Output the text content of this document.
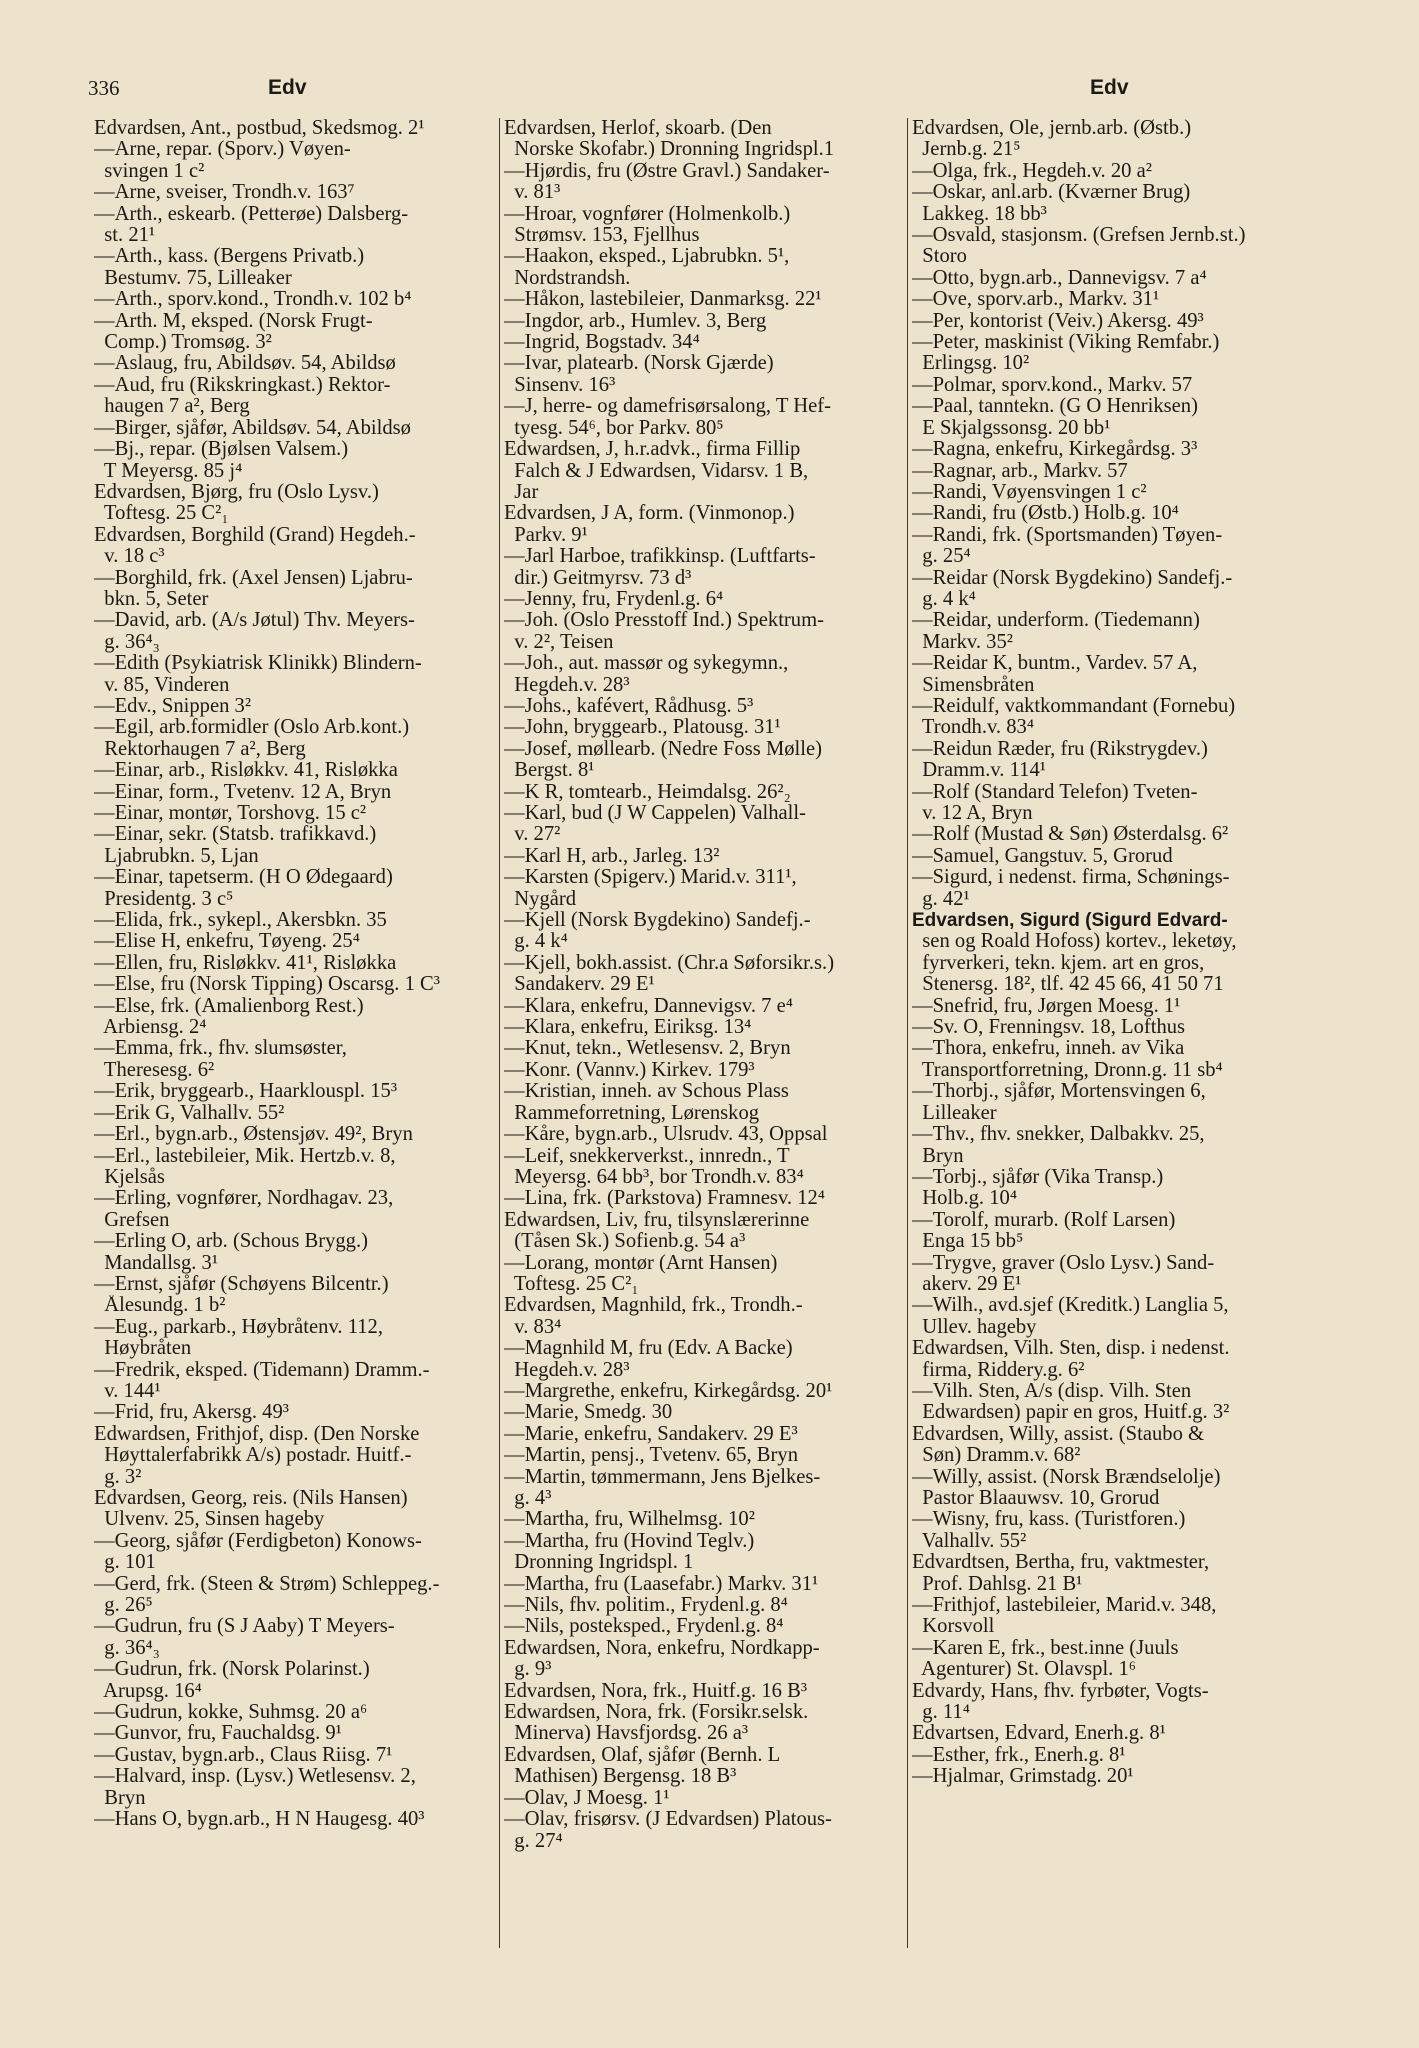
336	Edv	Edv
Edvardsen, Ant., postbud, Skedsmog. 2¹
—Arne, repar. (Sporv.) Vøyen-
svingen 1 c²
—Arne, sveiser, Trondh.v. 163⁷
—Arth., eskearb. (Petterøe) Dalsberg-
st. 21¹
—Arth., kass. (Bergens Privatb.)
Bestumv. 75, Lilleaker
—Arth., sporv.kond., Trondh.v. 102 b⁴
—Arth. M, eksped. (Norsk Frugt-
Comp.) Tromsøg. 3²
—Aslaug, fru, Abildsøv. 54, Abildsø
—Aud, fru (Rikskringkast.) Rektor-
haugen 7 a², Berg
—Birger, sjåfør, Abildsøv. 54, Abildsø
—Bj., repar. (Bjølsen Valsem.)
T Meyersg. 85 j⁴
Edvardsen, Bjørg, fru (Oslo Lysv.)
Toftesg. 25 C²₁
Edvardsen, Borghild (Grand) Hegdeh.-
v. 18 c³
—Borghild, frk. (Axel Jensen) Ljabru-
bkn. 5, Seter
—David, arb. (A/s Jøtul) Thv. Meyers-
g. 36⁴₃
—Edith (Psykiatrisk Klinikk) Blindern-
v. 85, Vinderen
—Edv., Snippen 3²
—Egil, arb.formidler (Oslo Arb.kont.)
Rektorhaugen 7 a², Berg
—Einar, arb., Risløkkv. 41, Risløkka
—Einar, form., Tvetenv. 12 A, Bryn
—Einar, montør, Torshovg. 15 c²
—Einar, sekr. (Statsb. trafikkavd.)
Ljabrubkn. 5, Ljan
—Einar, tapetserm. (H O Ødegaard)
Presidentg. 3 c⁵
—Elida, frk., sykepl., Akersbkn. 35
—Elise H, enkefru, Tøyeng. 25⁴
—Ellen, fru, Risløkkv. 41¹, Risløkka
—Else, fru (Norsk Tipping) Oscarsg. 1 C³
—Else, frk. (Amalienborg Rest.)
Arbiensg. 2⁴
—Emma, frk., fhv. slumsøster,
Theresesg. 6²
—Erik, bryggearb., Haarklouspl. 15³
—Erik G, Valhallv. 55²
—Erl., bygn.arb., Østensjøv. 49², Bryn
—Erl., lastebileier, Mik. Hertzb.v. 8,
Kjelsås
—Erling, vognfører, Nordhagav. 23,
Grefsen
—Erling O, arb. (Schous Brygg.)
Mandallsg. 3¹
—Ernst, sjåfør (Schøyens Bilcentr.)
Ålesundg. 1 b²
—Eug., parkarb., Høybråtenv. 112,
Høybråten
—Fredrik, eksped. (Tidemann) Dramm.-
v. 144¹
—Frid, fru, Akersg. 49³
Edwardsen, Frithjof, disp. (Den Norske
Høyttalerfabrikk A/s) postadr. Huitf.-
g. 3²
Edvardsen, Georg, reis. (Nils Hansen)
Ulvenv. 25, Sinsen hageby
—Georg, sjåfør (Ferdigbeton) Konows-
g. 101
—Gerd, frk. (Steen & Strøm) Schleppeg.-
g. 26⁵
—Gudrun, fru (S J Aaby) T Meyers-
g. 36⁴₃
—Gudrun, frk. (Norsk Polarinst.)
Arupsg. 16⁴
—Gudrun, kokke, Suhmsg. 20 a⁶
—Gunvor, fru, Fauchaldsg. 9¹
—Gustav, bygn.arb., Claus Riisg. 7¹
—Halvard, insp. (Lysv.) Wetlesensv. 2,
Bryn
—Hans O, bygn.arb., H N Haugesg. 40³
Edvardsen, Herlof, skoarb. (Den
Norske Skofabr.) Dronning Ingridspl.1
—Hjørdis, fru (Østre Gravl.) Sandaker-
v. 81³
—Hroar, vognfører (Holmenkolb.)
Strømsv. 153, Fjellhus
—Haakon, eksped., Ljabrubkn. 5¹,
Nordstrandsh.
—Håkon, lastebileier, Danmarksg. 22¹
—Ingdor, arb., Humlev. 3, Berg
—Ingrid, Bogstadv. 34⁴
—Ivar, platearb. (Norsk Gjærde)
Sinsenv. 16³
—J, herre- og damefrisørsalong, T Hef-
tyesg. 54⁶, bor Parkv. 80⁵
Edwardsen, J, h.r.advk., firma Fillip
Falch & J Edwardsen, Vidarsv. 1 B,
Jar
Edvardsen, J A, form. (Vinmonop.)
Parkv. 9¹
—Jarl Harboe, trafikkinsp. (Luftfarts-
dir.) Geitmyrsv. 73 d³
—Jenny, fru, Frydenl.g. 6⁴
—Joh. (Oslo Presstoff Ind.) Spektrum-
v. 2², Teisen
—Joh., aut. massør og sykegymn.,
Hegdeh.v. 28³
—Johs., kafévert, Rådhusg. 5³
—John, bryggearb., Platousg. 31¹
—Josef, møllearb. (Nedre Foss Mølle)
Bergst. 8¹
—K R, tomtearb., Heimdalsg. 26²₂
—Karl, bud (J W Cappelen) Valhall-
v. 27²
—Karl H, arb., Jarleg. 13²
—Karsten (Spigerv.) Marid.v. 311¹,
Nygård
—Kjell (Norsk Bygdekino) Sandefj.-
g. 4 k⁴
—Kjell, bokh.assist. (Chr.a Søforsikr.s.)
Sandakerv. 29 E¹
—Klara, enkefru, Dannevigsv. 7 e⁴
—Klara, enkefru, Eiriksg. 13⁴
—Knut, tekn., Wetlesensv. 2, Bryn
—Konr. (Vannv.) Kirkev. 179³
—Kristian, inneh. av Schous Plass
Rammeforretning, Lørenskog
—Kåre, bygn.arb., Ulsrudv. 43, Oppsal
—Leif, snekkerverkst., innredn., T
Meyersg. 64 bb³, bor Trondh.v. 83⁴
—Lina, frk. (Parkstova) Framnesv. 12⁴
Edwardsen, Liv, fru, tilsynslærerinne
(Tåsen Sk.) Sofienb.g. 54 a³
—Lorang, montør (Arnt Hansen)
Toftesg. 25 C²₁
Edvardsen, Magnhild, frk., Trondh.-
v. 83⁴
—Magnhild M, fru (Edv. A Backe)
Hegdeh.v. 28³
—Margrethe, enkefru, Kirkegårdsg. 20¹
—Marie, Smedg. 30
—Marie, enkefru, Sandakerv. 29 E³
—Martin, pensj., Tvetenv. 65, Bryn
—Martin, tømmermann, Jens Bjelkes-
g. 4³
—Martha, fru, Wilhelmsg. 10²
—Martha, fru (Hovind Teglv.)
Dronning Ingridspl. 1
—Martha, fru (Laasefabr.) Markv. 31¹
—Nils, fhv. politim., Frydenl.g. 8⁴
—Nils, posteksped., Frydenl.g. 8⁴
Edwardsen, Nora, enkefru, Nordkapp-
g. 9³
Edvardsen, Nora, frk., Huitf.g. 16 B³
Edwardsen, Nora, frk. (Forsikr.selsk.
Minerva) Havsfjordsg. 26 a³
Edvardsen, Olaf, sjåfør (Bernh. L
Mathisen) Bergensg. 18 B³
—Olav, J Moesg. 1¹
—Olav, frisørsv. (J Edvardsen) Platous-
g. 27⁴
Edvardsen, Ole, jernb.arb. (Østb.)
Jernb.g. 21⁵
—Olga, frk., Hegdeh.v. 20 a²
—Oskar, anl.arb. (Kværner Brug)
Lakkeg. 18 bb³
—Osvald, stasjonsm. (Grefsen Jernb.st.)
Storo
—Otto, bygn.arb., Dannevigsv. 7 a⁴
—Ove, sporv.arb., Markv. 31¹
—Per, kontorist (Veiv.) Akersg. 49³
—Peter, maskinist (Viking Remfabr.)
Erlingsg. 10²
—Polmar, sporv.kond., Markv. 57
—Paal, tanntekn. (G O Henriksen)
E Skjalgssonsg. 20 bb¹
—Ragna, enkefru, Kirkegårdsg. 3³
—Ragnar, arb., Markv. 57
—Randi, Vøyensvingen 1 c²
—Randi, fru (Østb.) Holb.g. 10⁴
—Randi, frk. (Sportsmanden) Tøyen-
g. 25⁴
—Reidar (Norsk Bygdekino) Sandefj.-
g. 4 k⁴
—Reidar, underform. (Tiedemann)
Markv. 35²
—Reidar K, buntm., Vardev. 57 A,
Simensbråten
—Reidulf, vaktkommandant (Fornebu)
Trondh.v. 83⁴
—Reidun Ræder, fru (Rikstrygdev.)
Dramm.v. 114¹
—Rolf (Standard Telefon) Tveten-
v. 12 A, Bryn
—Rolf (Mustad & Søn) Østerdalsg. 6²
—Samuel, Gangstuv. 5, Grorud
—Sigurd, i nedenst. firma, Schønings-
g. 42¹
Edvardsen, Sigurd (Sigurd Edvard-
sen og Roald Hofoss) kortev., leketøy,
fyrverkeri, tekn. kjem. art en gros,
Stenersg. 18², tlf. 42 45 66, 41 50 71
—Snefrid, fru, Jørgen Moesg. 1¹
—Sv. O, Frenningsv. 18, Lofthus
—Thora, enkefru, inneh. av Vika
Transportforretning, Dronn.g. 11 sb⁴
—Thorbj., sjåfør, Mortensvingen 6,
Lilleaker
—Thv., fhv. snekker, Dalbakkv. 25,
Bryn
—Torbj., sjåfør (Vika Transp.)
Holb.g. 10⁴
—Torolf, murarb. (Rolf Larsen)
Enga 15 bb⁵
—Trygve, graver (Oslo Lysv.) Sand-
akerv. 29 E¹
—Wilh., avd.sjef (Kreditk.) Langlia 5,
Ullev. hageby
Edwardsen, Vilh. Sten, disp. i nedenst.
firma, Riddery.g. 6²
—Vilh. Sten, A/s (disp. Vilh. Sten
Edwardsen) papir en gros, Huitf.g. 3²
Edvardsen, Willy, assist. (Staubo &
Søn) Dramm.v. 68²
—Willy, assist. (Norsk Brændselolje)
Pastor Blaauwsv. 10, Grorud
—Wisny, fru, kass. (Turistforen.)
Valhallv. 55²
Edvardtsen, Bertha, fru, vaktmester,
Prof. Dahlsg. 21 B¹
—Frithjof, lastebileier, Marid.v. 348,
Korsvoll
—Karen E, frk., best.inne (Juuls
Agenturer) St. Olavspl. 1⁶
Edvardy, Hans, fhv. fyrbøter, Vogts-
g. 11⁴
Edvartsen, Edvard, Enerh.g. 8¹
—Esther, frk., Enerh.g. 8¹
—Hjalmar, Grimstadg. 20¹
